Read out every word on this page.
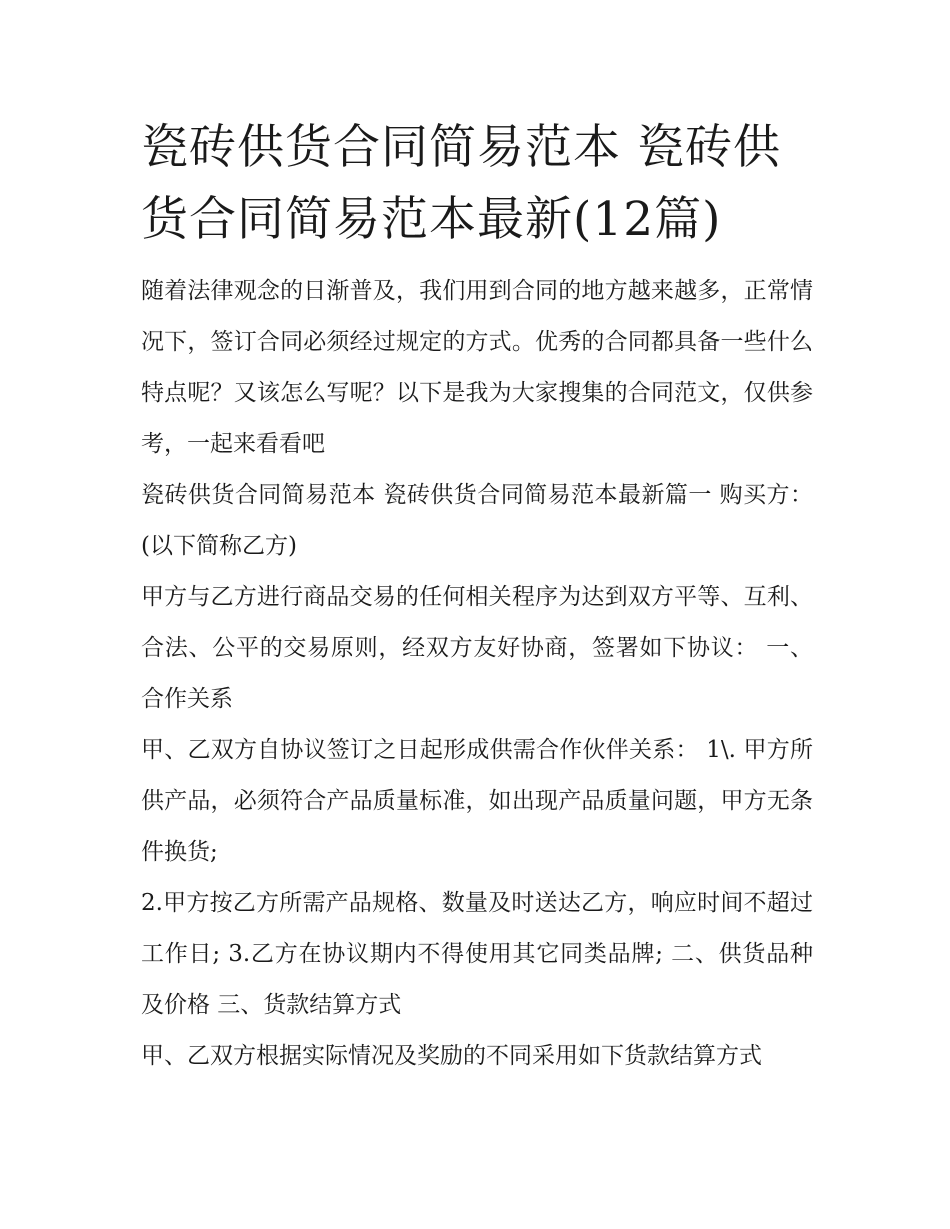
瓷砖供货合同简易范本 瓷砖供货合同简易范本最新(12篇)

随着法律观念的日渐普及，我们用到合同的地方越来越多，正常情况下，签订合同必须经过规定的方式。优秀的合同都具备一些什么特点呢？又该怎么写呢？以下是我为大家搜集的合同范文，仅供参考，一起来看看吧

瓷砖供货合同简易范本 瓷砖供货合同简易范本最新篇一 购买方：(以下简称乙方)

甲方与乙方进行商品交易的任何相关程序为达到双方平等、互利、合法、公平的交易原则，经双方友好协商，签署如下协议： 一、 合作关系

甲、乙双方自协议签订之日起形成供需合作伙伴关系： 1\. 甲方所供产品，必须符合产品质量标准，如出现产品质量问题，甲方无条件换货;

2.甲方按乙方所需产品规格、数量及时送达乙方，响应时间不超过 工作日; 3.乙方在协议期内不得使用其它同类品牌; 二、供货品种及价格 三、货款结算方式

甲、乙双方根据实际情况及奖励的不同采用如下货款结算方式
